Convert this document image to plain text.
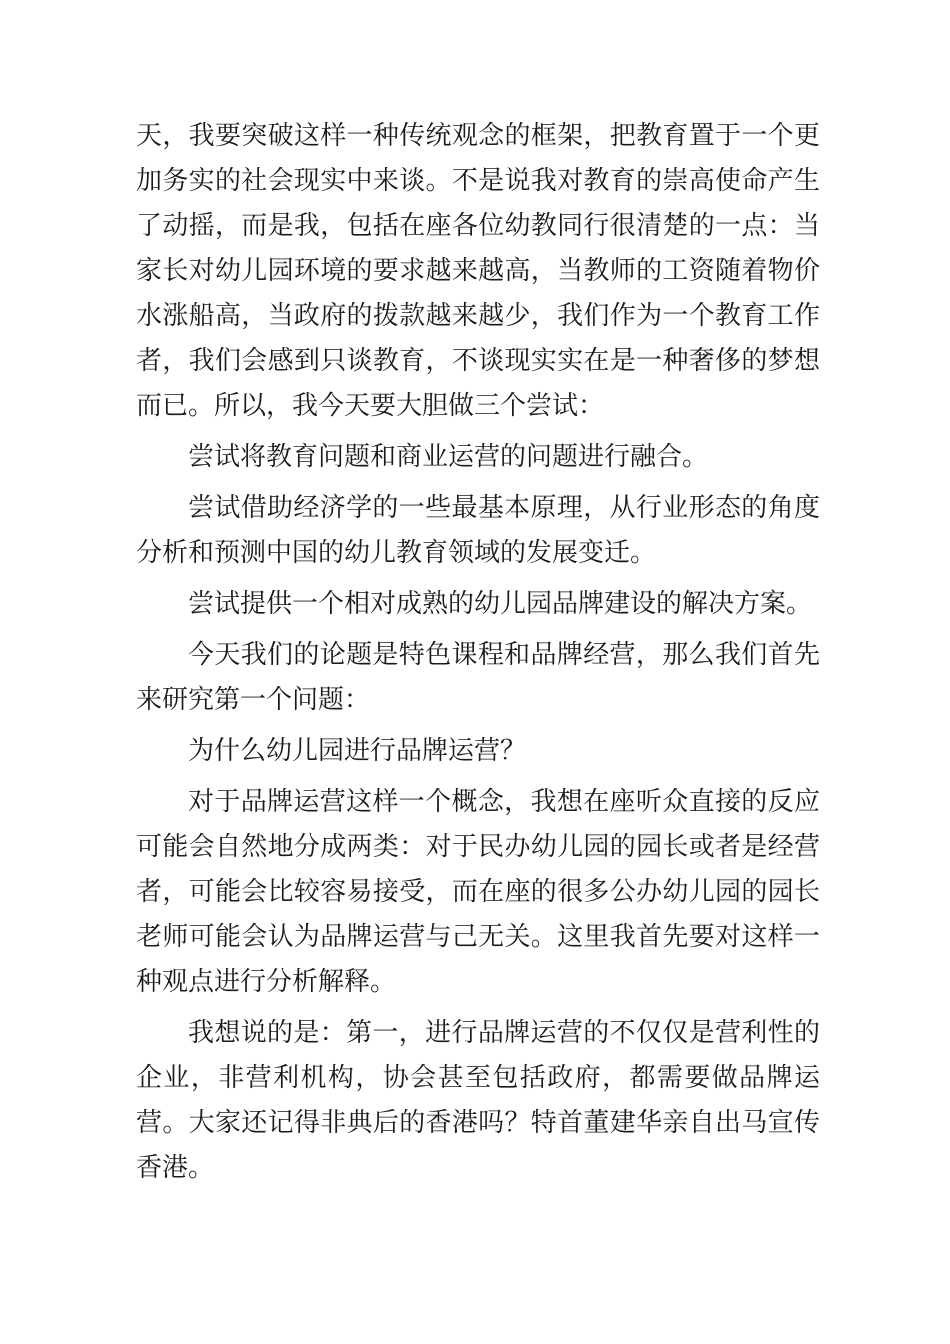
天，我要突破这样一种传统观念的框架，把教育置于一个更加务实的社会现实中来谈。不是说我对教育的崇高使命产生了动摇，而是我，包括在座各位幼教同行很清楚的一点：当家长对幼儿园环境的要求越来越高，当教师的工资随着物价水涨船高，当政府的拨款越来越少，我们作为一个教育工作者，我们会感到只谈教育，不谈现实实在是一种奢侈的梦想而已。所以，我今天要大胆做三个尝试：

尝试将教育问题和商业运营的问题进行融合。

尝试借助经济学的一些最基本原理，从行业形态的角度分析和预测中国的幼儿教育领域的发展变迁。

尝试提供一个相对成熟的幼儿园品牌建设的解决方案。

今天我们的论题是特色课程和品牌经营，那么我们首先来研究第一个问题：

为什么幼儿园进行品牌运营？

对于品牌运营这样一个概念，我想在座听众直接的反应可能会自然地分成两类：对于民办幼儿园的园长或者是经营者，可能会比较容易接受，而在座的很多公办幼儿园的园长老师可能会认为品牌运营与己无关。这里我首先要对这样一种观点进行分析解释。

我想说的是：第一，进行品牌运营的不仅仅是营利性的企业，非营利机构，协会甚至包括政府，都需要做品牌运营。大家还记得非典后的香港吗？特首董建华亲自出马宣传香港。
